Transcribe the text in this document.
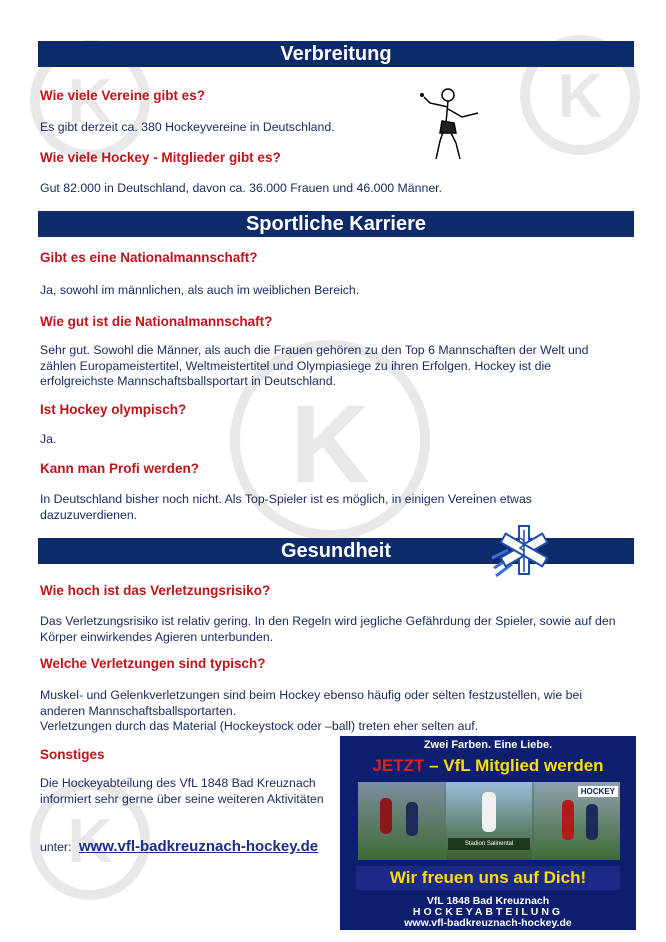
K	K
K
K
Verbreitung
Wie viele Vereine gibt es?
Es gibt derzeit ca. 380 Hockeyvereine in Deutschland.
Wie viele Hockey - Mitglieder gibt es?
Gut 82.000 in Deutschland, davon ca. 36.000 Frauen und 46.000 Männer.
Sportliche Karriere
Gibt es eine Nationalmannschaft?
Ja, sowohl im männlichen, als auch im weiblichen Bereich.
Wie gut ist die Nationalmannschaft?
Sehr gut. Sowohl die Männer, als auch die Frauen gehören zu den Top 6 Mannschaften der Welt und
zählen Europameistertitel, Weltmeistertitel und Olympiasiege zu ihren Erfolgen. Hockey ist die
erfolgreichste Mannschaftsballsportart in Deutschland.
Ist Hockey olympisch?
Ja.
Kann man Profi werden?
In Deutschland bisher noch nicht. Als Top-Spieler ist es möglich, in einigen Vereinen etwas
dazuzuverdienen.
Gesundheit
Wie hoch ist das Verletzungsrisiko?
Das Verletzungsrisiko ist relativ gering. In den Regeln wird jegliche Gefährdung der Spieler, sowie auf den
Körper einwirkendes Agieren unterbunden.
Welche Verletzungen sind typisch?
Muskel- und Gelenkverletzungen sind beim Hockey ebenso häufig oder selten festzustellen, wie bei
anderen Mannschaftsballsportarten.
Verletzungen durch das Material (Hockeystock oder –ball) treten eher selten auf.
Sonstiges
Die Hockeyabteilung des VfL 1848 Bad Kreuznach
informiert sehr gerne über seine weiteren Aktivitäten
unter: www.vfl-badkreuznach-hockey.de
Zwei Farben. Eine Liebe.
JETZT – VfL Mitglied werden
Stadion Salinental
HOCKEY
Wir freuen uns auf Dich!
VfL 1848 Bad Kreuznach
HOCKEYABTEILUNG
www.vfl-badkreuznach-hockey.de
